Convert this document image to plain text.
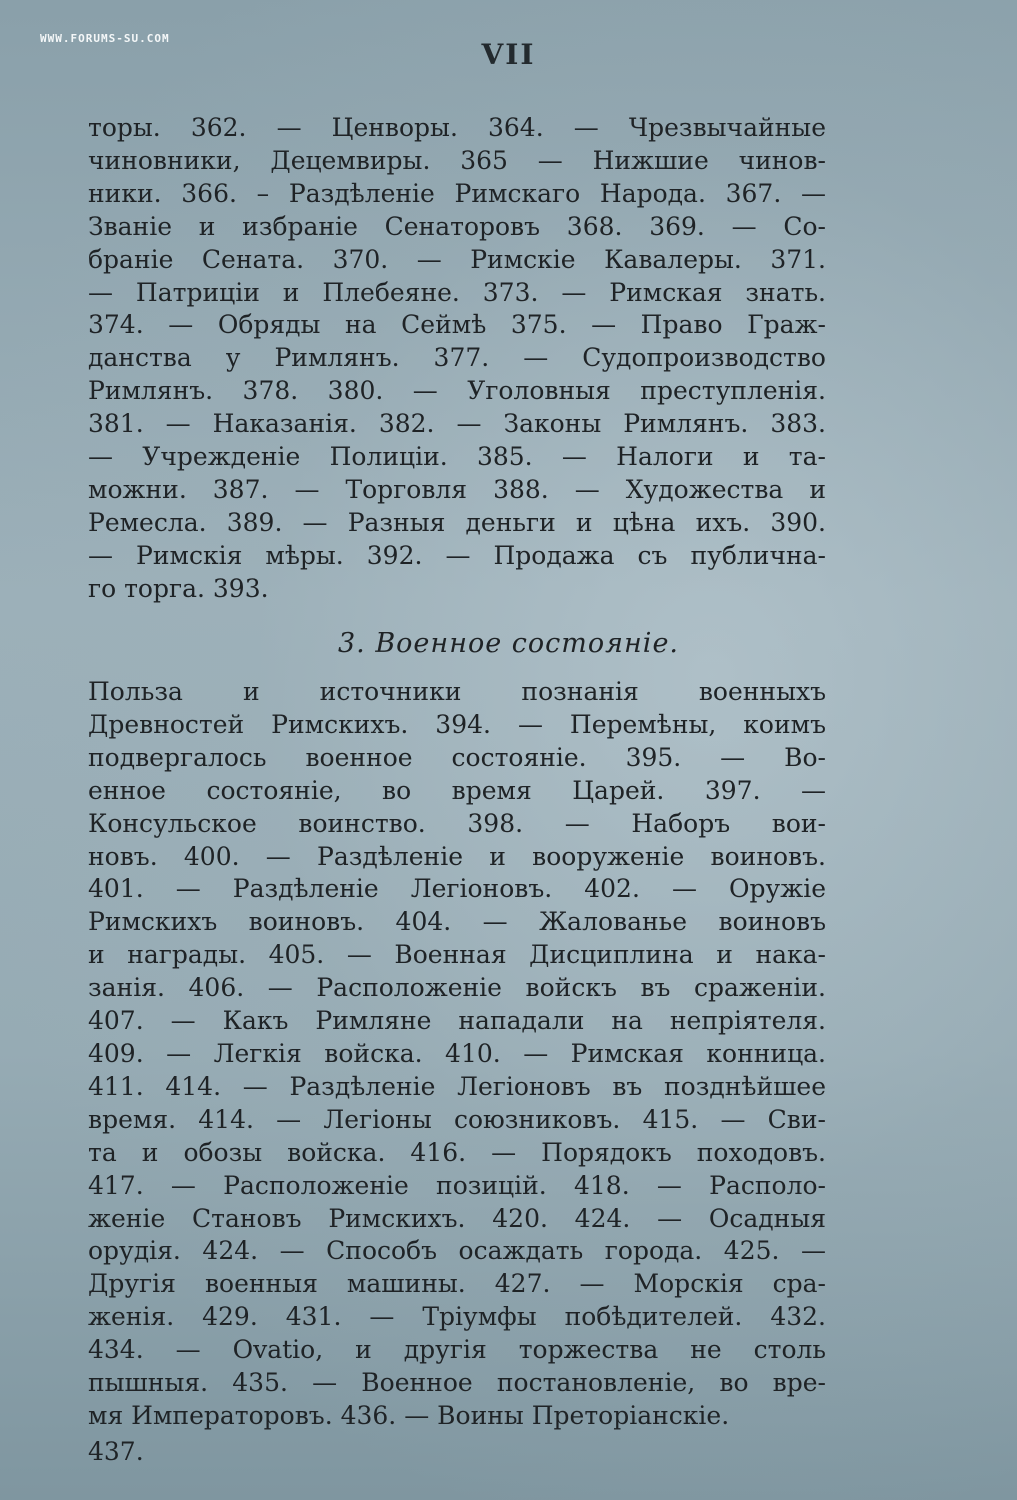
WWW.FORUMS-SU.COM	VII
торы. 362. — Ценворы. 364. — Чрезвычайные
чиновники, Децемвиры. 365 — Нижшие чинов-
ники. 366. – Раздѣленіе Римскаго Народа. 367. —
Званіе и избраніе Сенаторовъ 368. 369. — Со-
браніе Сената. 370. — Римскіе Кавалеры. 371.
— Патриціи и Плебеяне. 373. — Римская знать.
374. — Обряды на Сеймѣ 375. — Право Граж-
данства у Римлянъ. 377. — Судопроизводство
Римлянъ. 378. 380. — Уголовныя преступленія.
381. — Наказанія. 382. — Законы Римлянъ. 383.
— Учрежденіе Полиціи. 385. — Налоги и та-
можни. 387. — Торговля 388. — Художества и
Ремесла. 389. — Разныя деньги и цѣна ихъ. 390.
— Римскія мѣры. 392. — Продажа съ публична-
го торга. 393.
3. Военное состояніе.
Польза и источники познанія военныхъ
Древностей Римскихъ. 394. — Перемѣны, коимъ
подвергалось военное состояніе. 395. — Во-
енное состояніе, во время Царей. 397. —
Консульское воинство. 398. — Наборъ вои-
новъ. 400. — Раздѣленіе и вооруженіе воиновъ.
401. — Раздѣленіе Легіоновъ. 402. — Оружіе
Римскихъ воиновъ. 404. — Жалованье воиновъ
и награды. 405. — Военная Дисциплина и нака-
занія. 406. — Расположеніе войскъ въ сраженіи.
407. — Какъ Римляне нападали на непріятеля.
409. — Легкія войска. 410. — Римская конница.
411. 414. — Раздѣленіе Легіоновъ въ позднѣйшее
время. 414. — Легіоны союзниковъ. 415. — Сви-
та и обозы войска. 416. — Порядокъ походовъ.
417. — Расположеніе позицій. 418. — Располо-
женіе Становъ Римскихъ. 420. 424. — Осадныя
орудія. 424. — Способъ осаждать города. 425. —
Другія военныя машины. 427. — Морскія сра-
женія. 429. 431. — Тріумфы побѣдителей. 432.
434. — Ovatio, и другія торжества не столь
пышныя. 435. — Военное постановленіе, во вре-
мя Императоровъ. 436. — Воины Преторіанскіе.
437.
